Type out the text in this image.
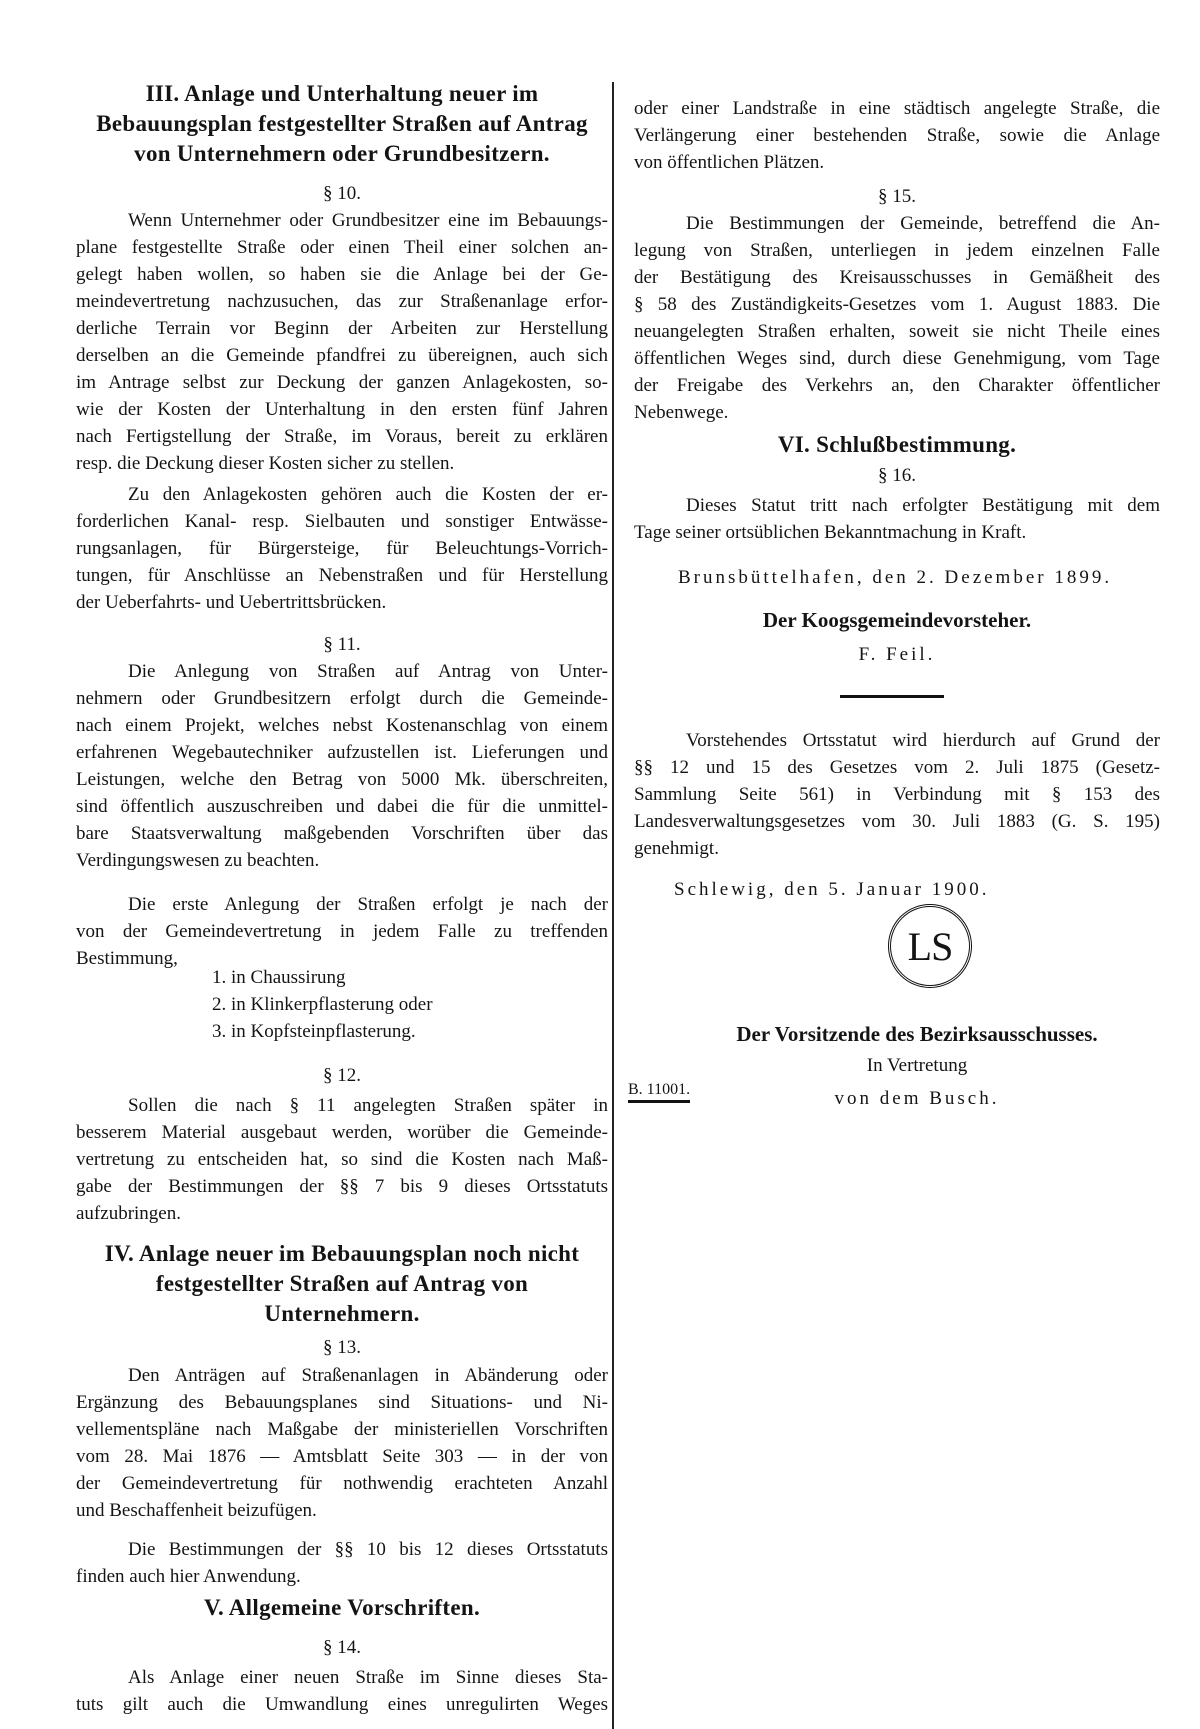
III. Anlage und Unterhaltung neuer im
Bebauungsplan festgestellter Straßen auf Antrag
von Unternehmern oder Grundbesitzern.
§ 10.
Wenn Unternehmer oder Grundbesitzer eine im Bebauungs-
plane festgestellte Straße oder einen Theil einer solchen an-
gelegt haben wollen, so haben sie die Anlage bei der Ge-
meindevertretung nachzusuchen, das zur Straßenanlage erfor-
derliche Terrain vor Beginn der Arbeiten zur Herstellung
derselben an die Gemeinde pfandfrei zu übereignen, auch sich
im Antrage selbst zur Deckung der ganzen Anlagekosten, so-
wie der Kosten der Unterhaltung in den ersten fünf Jahren
nach Fertigstellung der Straße, im Voraus, bereit zu erklären
resp. die Deckung dieser Kosten sicher zu stellen.
Zu den Anlagekosten gehören auch die Kosten der er-
forderlichen Kanal- resp. Sielbauten und sonstiger Entwässe-
rungsanlagen, für Bürgersteige, für Beleuchtungs-Vorrich-
tungen, für Anschlüsse an Nebenstraßen und für Herstellung
der Ueberfahrts- und Uebertrittsbrücken.
§ 11.
Die Anlegung von Straßen auf Antrag von Unter-
nehmern oder Grundbesitzern erfolgt durch die Gemeinde-
nach einem Projekt, welches nebst Kostenanschlag von einem
erfahrenen Wegebautechniker aufzustellen ist. Lieferungen und
Leistungen, welche den Betrag von 5000 Mk. überschreiten,
sind öffentlich auszuschreiben und dabei die für die unmittel-
bare Staatsverwaltung maßgebenden Vorschriften über das
Verdingungswesen zu beachten.
Die erste Anlegung der Straßen erfolgt je nach der
von der Gemeindevertretung in jedem Falle zu treffenden
Bestimmung,
1. in Chaussirung
2. in Klinkerpflasterung oder
3. in Kopfsteinpflasterung.
§ 12.
Sollen die nach § 11 angelegten Straßen später in
besserem Material ausgebaut werden, worüber die Gemeinde-
vertretung zu entscheiden hat, so sind die Kosten nach Maß-
gabe der Bestimmungen der §§ 7 bis 9 dieses Ortsstatuts
aufzubringen.
IV. Anlage neuer im Bebauungsplan noch nicht
festgestellter Straßen auf Antrag von
Unternehmern.
§ 13.
Den Anträgen auf Straßenanlagen in Abänderung oder
Ergänzung des Bebauungsplanes sind Situations- und Ni-
vellementspläne nach Maßgabe der ministeriellen Vorschriften
vom 28. Mai 1876 — Amtsblatt Seite 303 — in der von
der Gemeindevertretung für nothwendig erachteten Anzahl
und Beschaffenheit beizufügen.
Die Bestimmungen der §§ 10 bis 12 dieses Ortsstatuts
finden auch hier Anwendung.
V. Allgemeine Vorschriften.
§ 14.
Als Anlage einer neuen Straße im Sinne dieses Sta-
tuts gilt auch die Umwandlung eines unregulirten Weges
oder einer Landstraße in eine städtisch angelegte Straße, die
Verlängerung einer bestehenden Straße, sowie die Anlage
von öffentlichen Plätzen.
§ 15.
Die Bestimmungen der Gemeinde, betreffend die An-
legung von Straßen, unterliegen in jedem einzelnen Falle
der Bestätigung des Kreisausschusses in Gemäßheit des
§ 58 des Zuständigkeits-Gesetzes vom 1. August 1883. Die
neuangelegten Straßen erhalten, soweit sie nicht Theile eines
öffentlichen Weges sind, durch diese Genehmigung, vom Tage
der Freigabe des Verkehrs an, den Charakter öffentlicher
Nebenwege.
VI. Schlußbestimmung.
§ 16.
Dieses Statut tritt nach erfolgter Bestätigung mit dem
Tage seiner ortsüblichen Bekanntmachung in Kraft.
Brunsbüttelhafen, den 2. Dezember 1899.
Der Koogsgemeindevorsteher.
F. Feil.
Vorstehendes Ortsstatut wird hierdurch auf Grund der
§§ 12 und 15 des Gesetzes vom 2. Juli 1875 (Gesetz-
Sammlung Seite 561) in Verbindung mit § 153 des
Landesverwaltungsgesetzes vom 30. Juli 1883 (G. S. 195)
genehmigt.
Schlewig, den 5. Januar 1900.
LS
Der Vorsitzende des Bezirksausschusses.
In Vertretung
von dem Busch.
B. 11001.
